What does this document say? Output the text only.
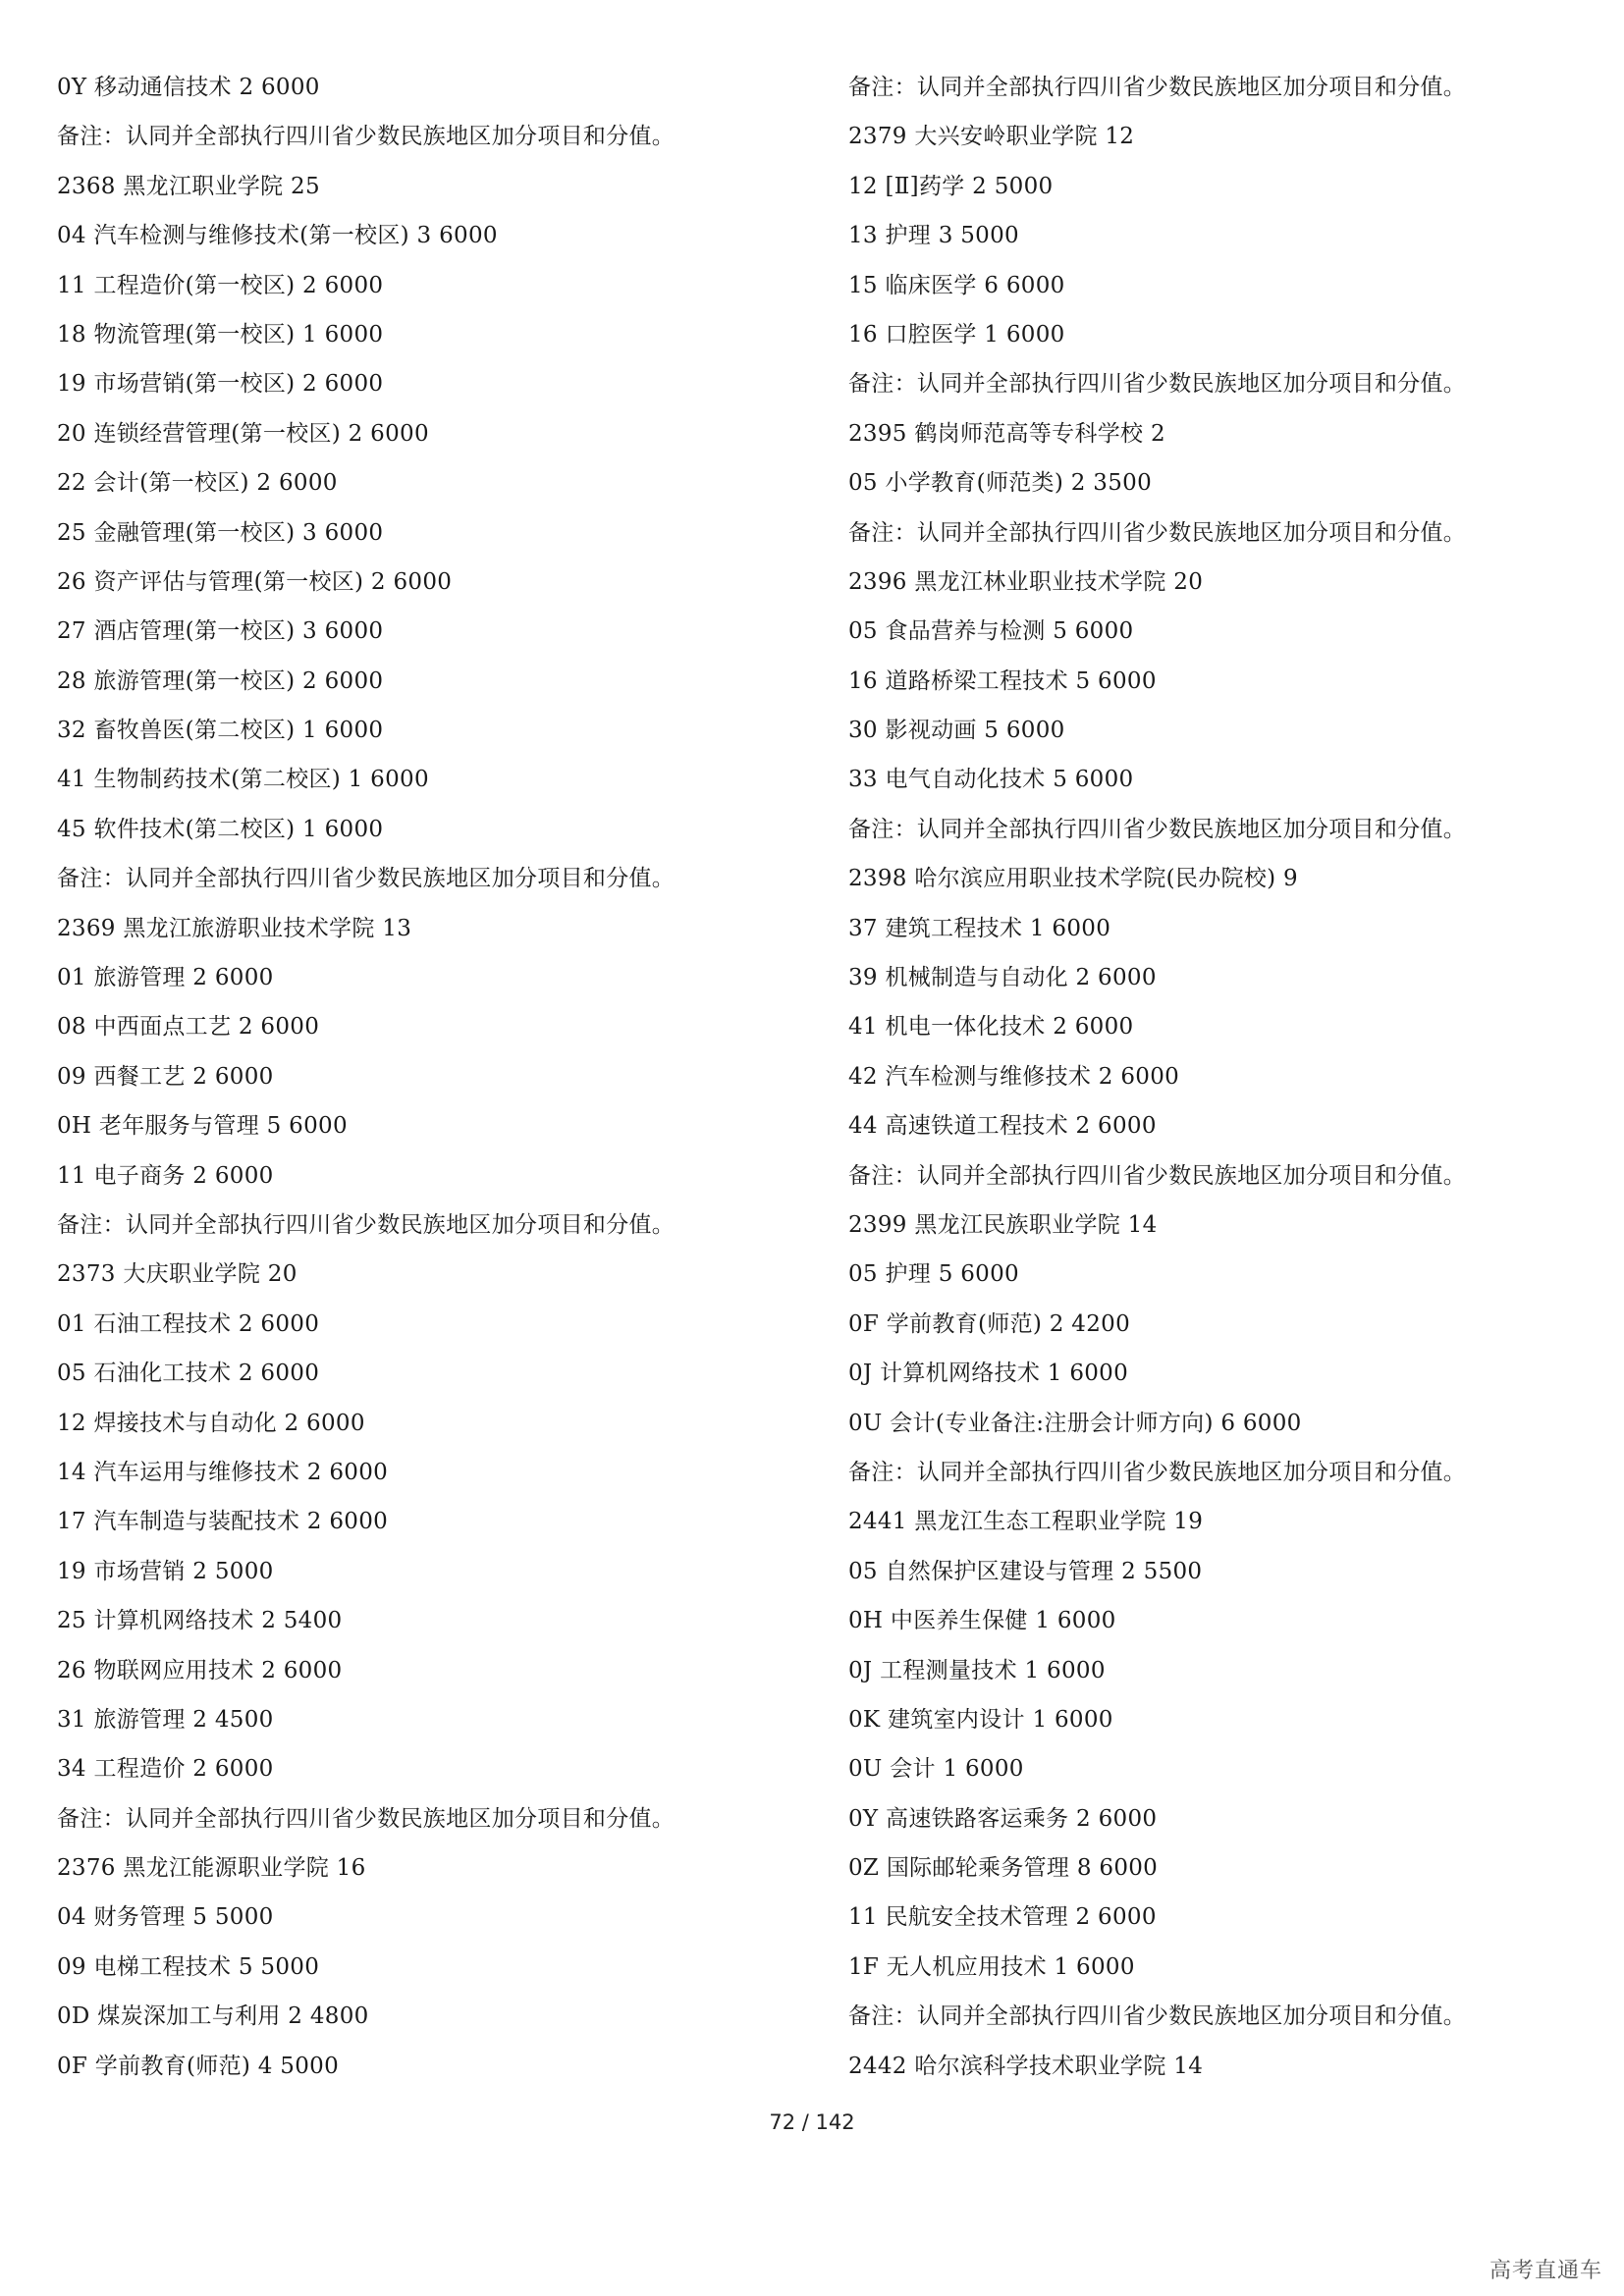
0Y 移动通信技术 2 6000
备注：认同并全部执行四川省少数民族地区加分项目和分值。
2368 黑龙江职业学院 25
04 汽车检测与维修技术(第一校区) 3 6000
11 工程造价(第一校区) 2 6000
18 物流管理(第一校区) 1 6000
19 市场营销(第一校区) 2 6000
20 连锁经营管理(第一校区) 2 6000
22 会计(第一校区) 2 6000
25 金融管理(第一校区) 3 6000
26 资产评估与管理(第一校区) 2 6000
27 酒店管理(第一校区) 3 6000
28 旅游管理(第一校区) 2 6000
32 畜牧兽医(第二校区) 1 6000
41 生物制药技术(第二校区) 1 6000
45 软件技术(第二校区) 1 6000
备注：认同并全部执行四川省少数民族地区加分项目和分值。
2369 黑龙江旅游职业技术学院 13
01 旅游管理 2 6000
08 中西面点工艺 2 6000
09 西餐工艺 2 6000
0H 老年服务与管理 5 6000
11 电子商务 2 6000
备注：认同并全部执行四川省少数民族地区加分项目和分值。
2373 大庆职业学院 20
01 石油工程技术 2 6000
05 石油化工技术 2 6000
12 焊接技术与自动化 2 6000
14 汽车运用与维修技术 2 6000
17 汽车制造与装配技术 2 6000
19 市场营销 2 5000
25 计算机网络技术 2 5400
26 物联网应用技术 2 6000
31 旅游管理 2 4500
34 工程造价 2 6000
备注：认同并全部执行四川省少数民族地区加分项目和分值。
2376 黑龙江能源职业学院 16
04 财务管理 5 5000
09 电梯工程技术 5 5000
0D 煤炭深加工与利用 2 4800
0F 学前教育(师范) 4 5000
备注：认同并全部执行四川省少数民族地区加分项目和分值。
2379 大兴安岭职业学院 12
12 [Ⅱ]药学 2 5000
13 护理 3 5000
15 临床医学 6 6000
16 口腔医学 1 6000
备注：认同并全部执行四川省少数民族地区加分项目和分值。
2395 鹤岗师范高等专科学校 2
05 小学教育(师范类) 2 3500
备注：认同并全部执行四川省少数民族地区加分项目和分值。
2396 黑龙江林业职业技术学院 20
05 食品营养与检测 5 6000
16 道路桥梁工程技术 5 6000
30 影视动画 5 6000
33 电气自动化技术 5 6000
备注：认同并全部执行四川省少数民族地区加分项目和分值。
2398 哈尔滨应用职业技术学院(民办院校) 9
37 建筑工程技术 1 6000
39 机械制造与自动化 2 6000
41 机电一体化技术 2 6000
42 汽车检测与维修技术 2 6000
44 高速铁道工程技术 2 6000
备注：认同并全部执行四川省少数民族地区加分项目和分值。
2399 黑龙江民族职业学院 14
05 护理 5 6000
0F 学前教育(师范) 2 4200
0J 计算机网络技术 1 6000
0U 会计(专业备注:注册会计师方向) 6 6000
备注：认同并全部执行四川省少数民族地区加分项目和分值。
2441 黑龙江生态工程职业学院 19
05 自然保护区建设与管理 2 5500
0H 中医养生保健 1 6000
0J 工程测量技术 1 6000
0K 建筑室内设计 1 6000
0U 会计 1 6000
0Y 高速铁路客运乘务 2 6000
0Z 国际邮轮乘务管理 8 6000
11 民航安全技术管理 2 6000
1F 无人机应用技术 1 6000
备注：认同并全部执行四川省少数民族地区加分项目和分值。
2442 哈尔滨科学技术职业学院 14
72 / 142
高考直通车
